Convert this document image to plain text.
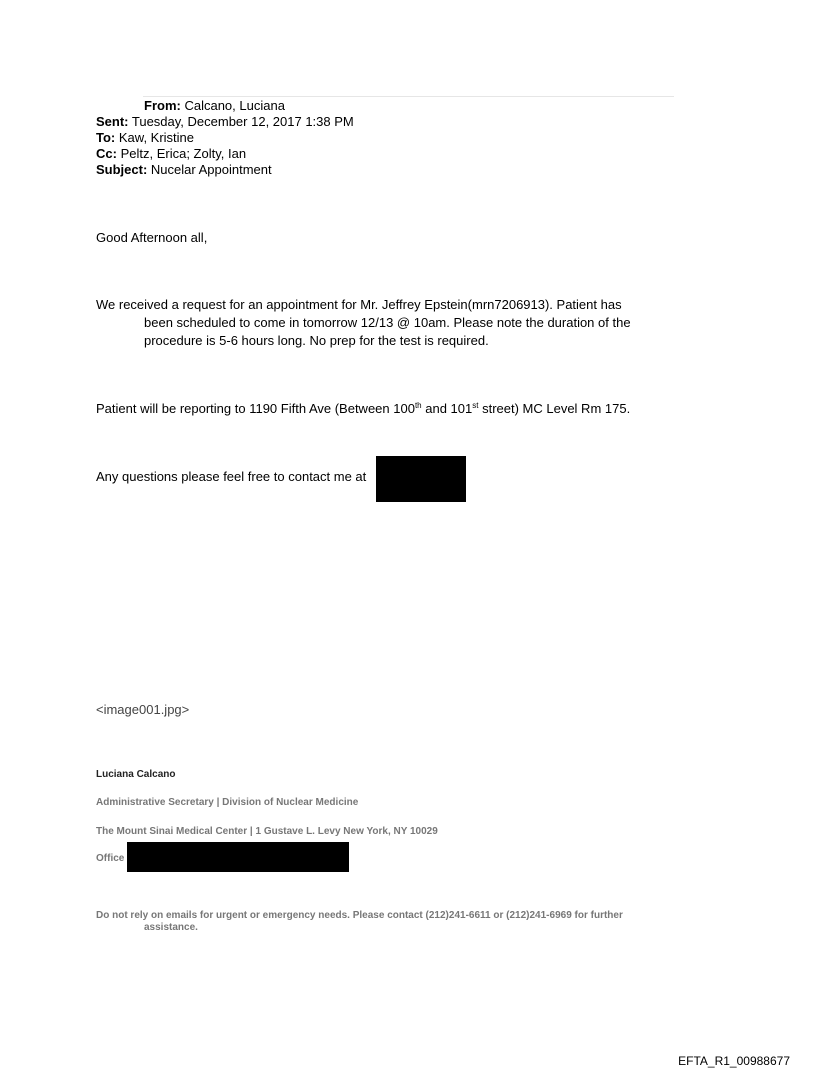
From: Calcano, Luciana
Sent: Tuesday, December 12, 2017 1:38 PM
To: Kaw, Kristine
Cc: Peltz, Erica; Zolty, Ian
Subject: Nucelar Appointment
Good Afternoon all,
We received a request for an appointment for Mr. Jeffrey Epstein(mrn7206913). Patient has
been scheduled to come in tomorrow 12/13 @ 10am. Please note the duration of the
procedure is 5-6 hours long. No prep for the test is required.
Patient will be reporting to 1190 Fifth Ave (Between 100th and 101st street) MC Level Rm 175.
Any questions please feel free to contact me at
<image001.jpg>
Luciana Calcano
Administrative Secretary | Division of Nuclear Medicine
The Mount Sinai Medical Center | 1 Gustave L. Levy New York, NY 10029
Office
Do not rely on emails for urgent or emergency needs. Please contact (212)241-6611 or (212)241-6969 for further
assistance.
EFTA_R1_00988677
